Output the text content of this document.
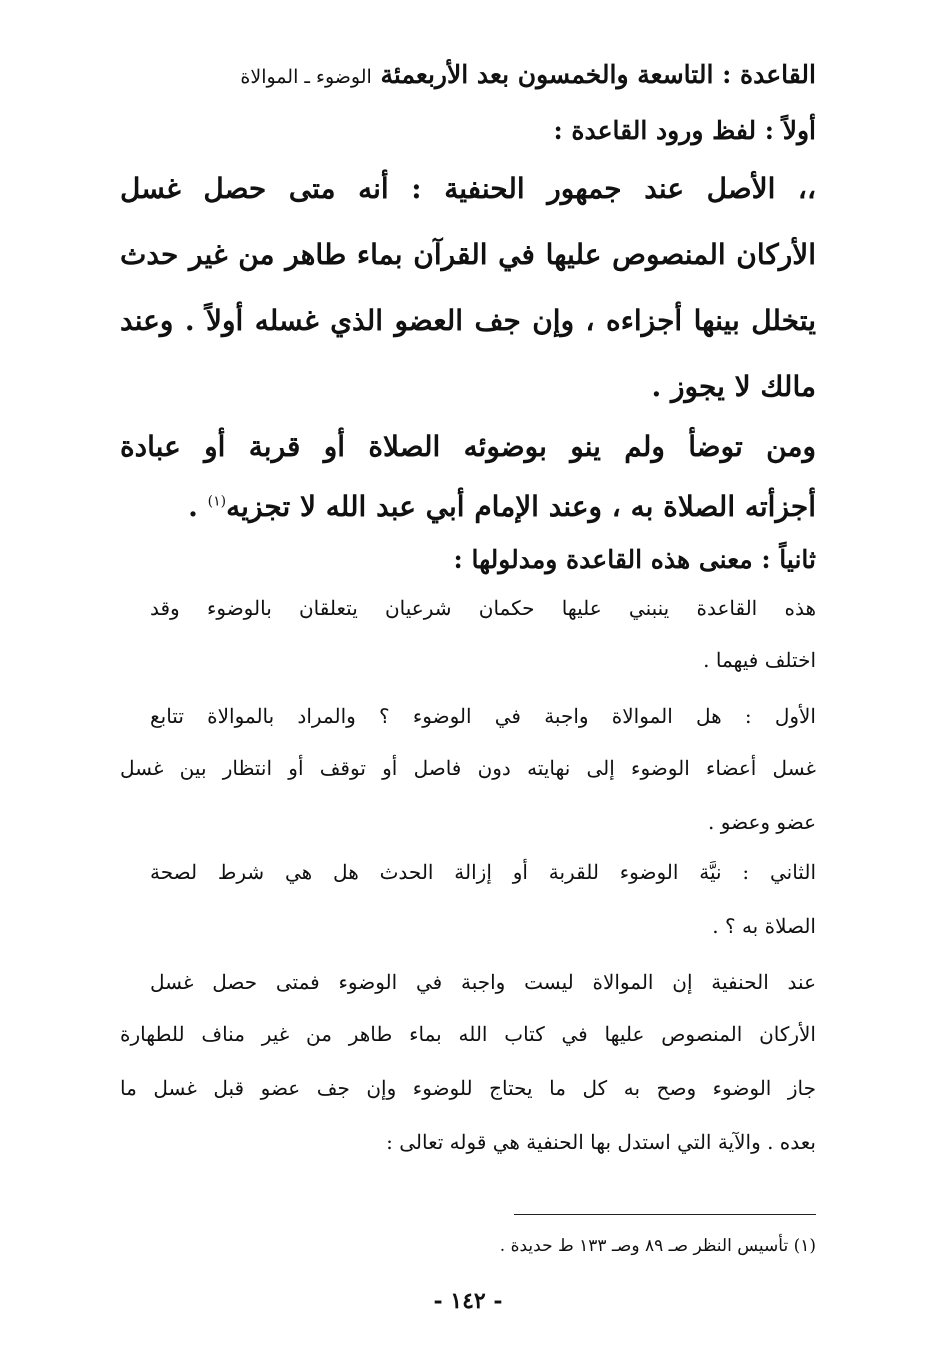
القاعدة : التاسعة والخمسون بعد الأربعمئة الوضوء ـ الموالاة
أولاً : لفظ ورود القاعدة :
،، الأصل عند جمهور الحنفية : أنه متى حصل غسل
الأركان المنصوص عليها في القرآن بماء طاهر من غير حدث
يتخلل بينها أجزاءه ، وإن جف العضو الذي غسله أولاً . وعند
مالك لا يجوز .
ومن توضأ ولم ينو بوضوئه الصلاة أو قربة أو عبادة
أجزأته الصلاة به ، وعند الإمام أبي عبد الله لا تجزيه$^{(١)}$ .
ثانياً : معنى هذه القاعدة ومدلولها :
هذه القاعدة ينبني عليها حكمان شرعيان يتعلقان بالوضوء وقد
اختلف فيهما .
الأول : هل الموالاة واجبة في الوضوء ؟ والمراد بالموالاة تتابع
غسل أعضاء الوضوء إلى نهايته دون فاصل أو توقف أو انتظار بين غسل
عضو وعضو .
الثاني : نيَّة الوضوء للقربة أو إزالة الحدث هل هي شرط لصحة
الصلاة به ؟ .
عند الحنفية إن الموالاة ليست واجبة في الوضوء فمتى حصل غسل
الأركان المنصوص عليها في كتاب الله بماء طاهر من غير مناف للطهارة
جاز الوضوء وصح به كل ما يحتاج للوضوء وإن جف عضو قبل غسل ما
بعده . والآية التي استدل بها الحنفية هي قوله تعالى :
(١) تأسيس النظر صـ ٨٩ وصـ ١٣٣ ط حديدة .
- ١٤٢ -
